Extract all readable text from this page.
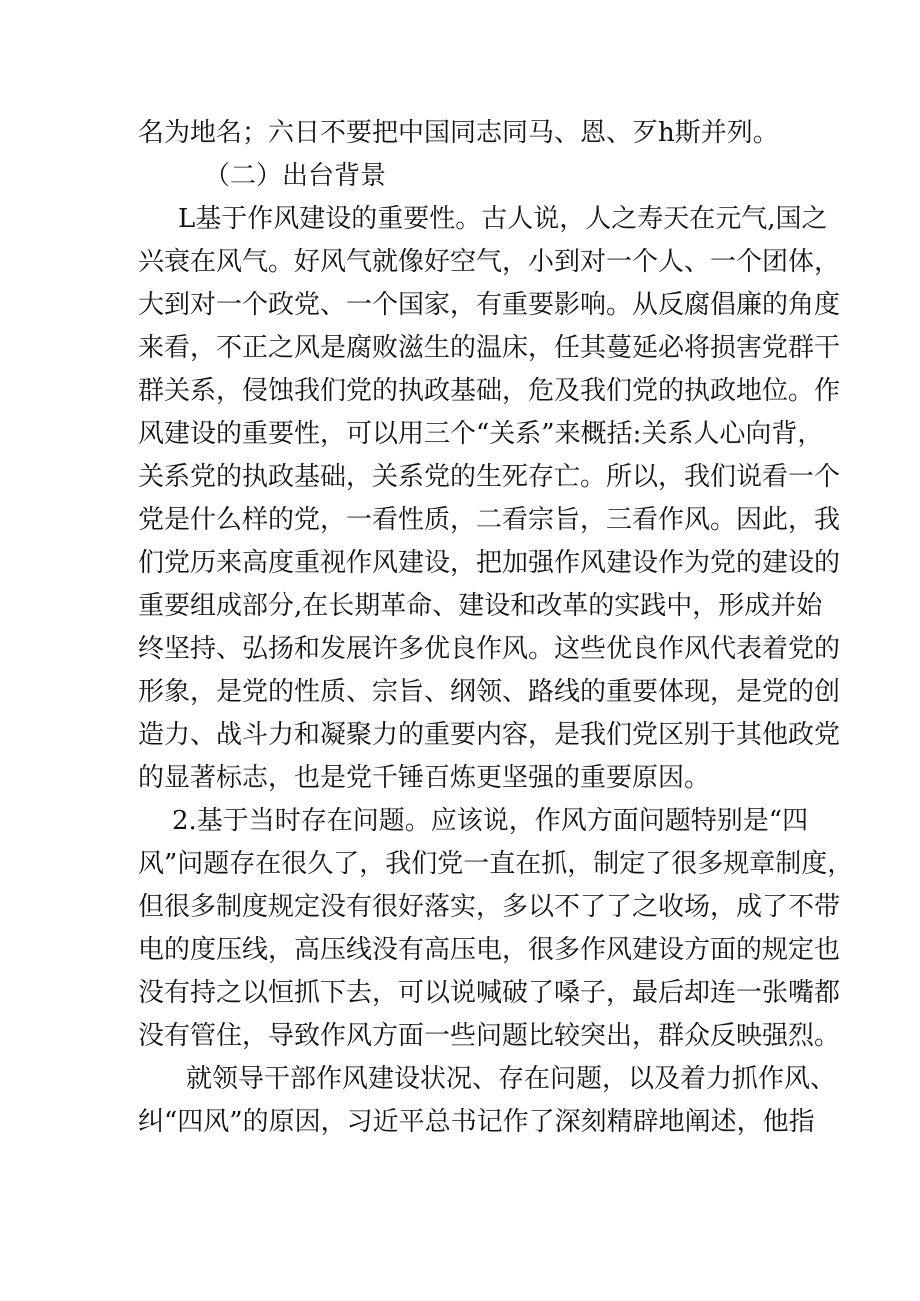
名为地名；六日不要把中国同志同马、恩、歹h斯并列。
（二）出台背景
L基于作风建设的重要性。古人说，人之寿天在元气,国之
兴衰在风气。好风气就像好空气，小到对一个人、一个团体，
大到对一个政党、一个国家，有重要影响。从反腐倡廉的角度
来看，不正之风是腐败滋生的温床，任其蔓延必将损害党群干
群关系，侵蚀我们党的执政基础，危及我们党的执政地位。作
风建设的重要性，可以用三个“关系”来概括:关系人心向背，
关系党的执政基础，关系党的生死存亡。所以，我们说看一个
党是什么样的党，一看性质，二看宗旨，三看作风。因此，我
们党历来高度重视作风建设，把加强作风建设作为党的建设的
重要组成部分,在长期革命、建设和改革的实践中，形成并始
终坚持、弘扬和发展许多优良作风。这些优良作风代表着党的
形象，是党的性质、宗旨、纲领、路线的重要体现，是党的创
造力、战斗力和凝聚力的重要内容，是我们党区别于其他政党
的显著标志，也是党千锤百炼更坚强的重要原因。
2.基于当时存在问题。应该说，作风方面问题特别是“四
风”问题存在很久了，我们党一直在抓，制定了很多规章制度，
但很多制度规定没有很好落实，多以不了了之收场，成了不带
电的度压线，高压线没有高压电，很多作风建设方面的规定也
没有持之以恒抓下去，可以说喊破了嗓子，最后却连一张嘴都
没有管住，导致作风方面一些问题比较突出，群众反映强烈。
就领导干部作风建设状况、存在问题，以及着力抓作风、
纠“四风”的原因，习近平总书记作了深刻精辟地阐述，他指
